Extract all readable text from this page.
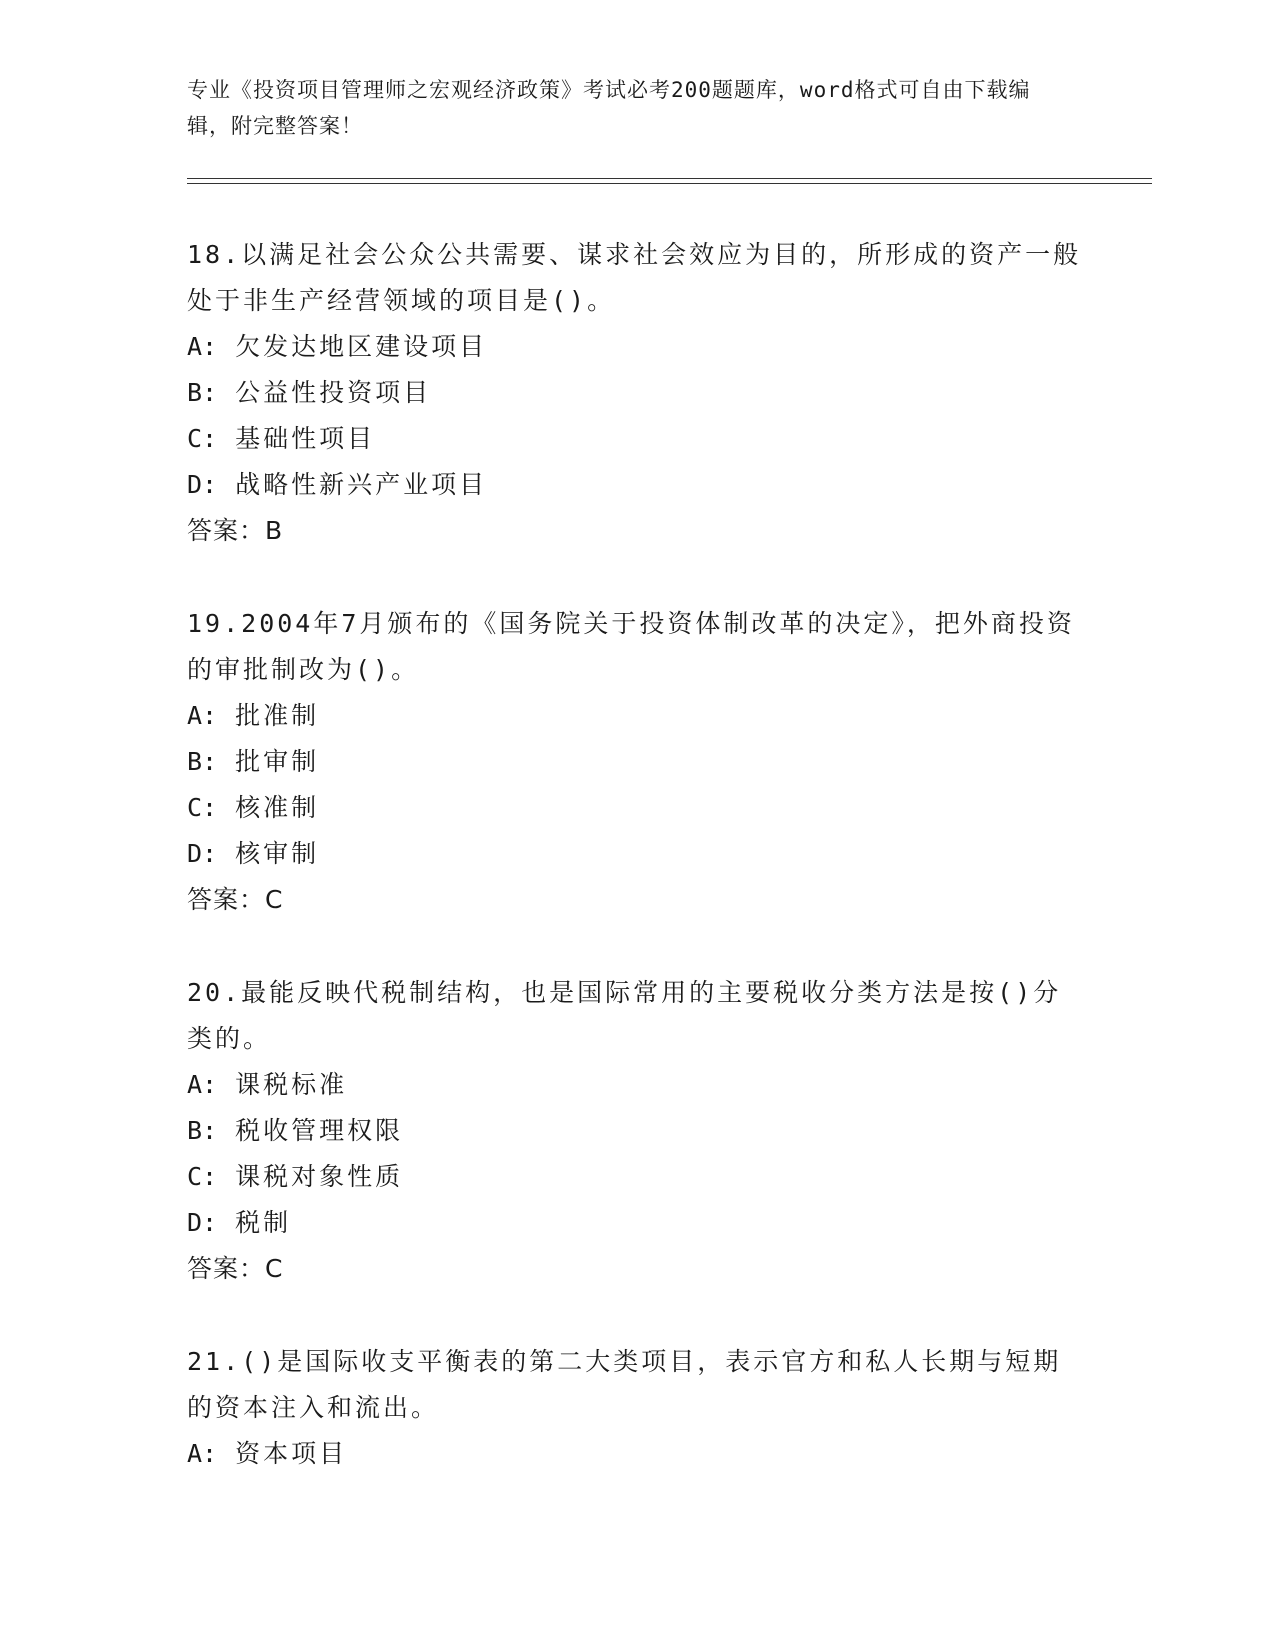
专业《投资项目管理师之宏观经济政策》考试必考200题题库，word格式可自由下载编辑，附完整答案！
18.以满足社会公众公共需要、谋求社会效应为目的，所形成的资产一般处于非生产经营领域的项目是()。
A: 欠发达地区建设项目
B: 公益性投资项目
C: 基础性项目
D: 战略性新兴产业项目
答案：B
19.2004年7月颁布的《国务院关于投资体制改革的决定》，把外商投资的审批制改为()。
A: 批准制
B: 批审制
C: 核准制
D: 核审制
答案：C
20.最能反映代税制结构，也是国际常用的主要税收分类方法是按()分类的。
A: 课税标准
B: 税收管理权限
C: 课税对象性质
D: 税制
答案：C
21.()是国际收支平衡表的第二大类项目，表示官方和私人长期与短期的资本注入和流出。
A: 资本项目
